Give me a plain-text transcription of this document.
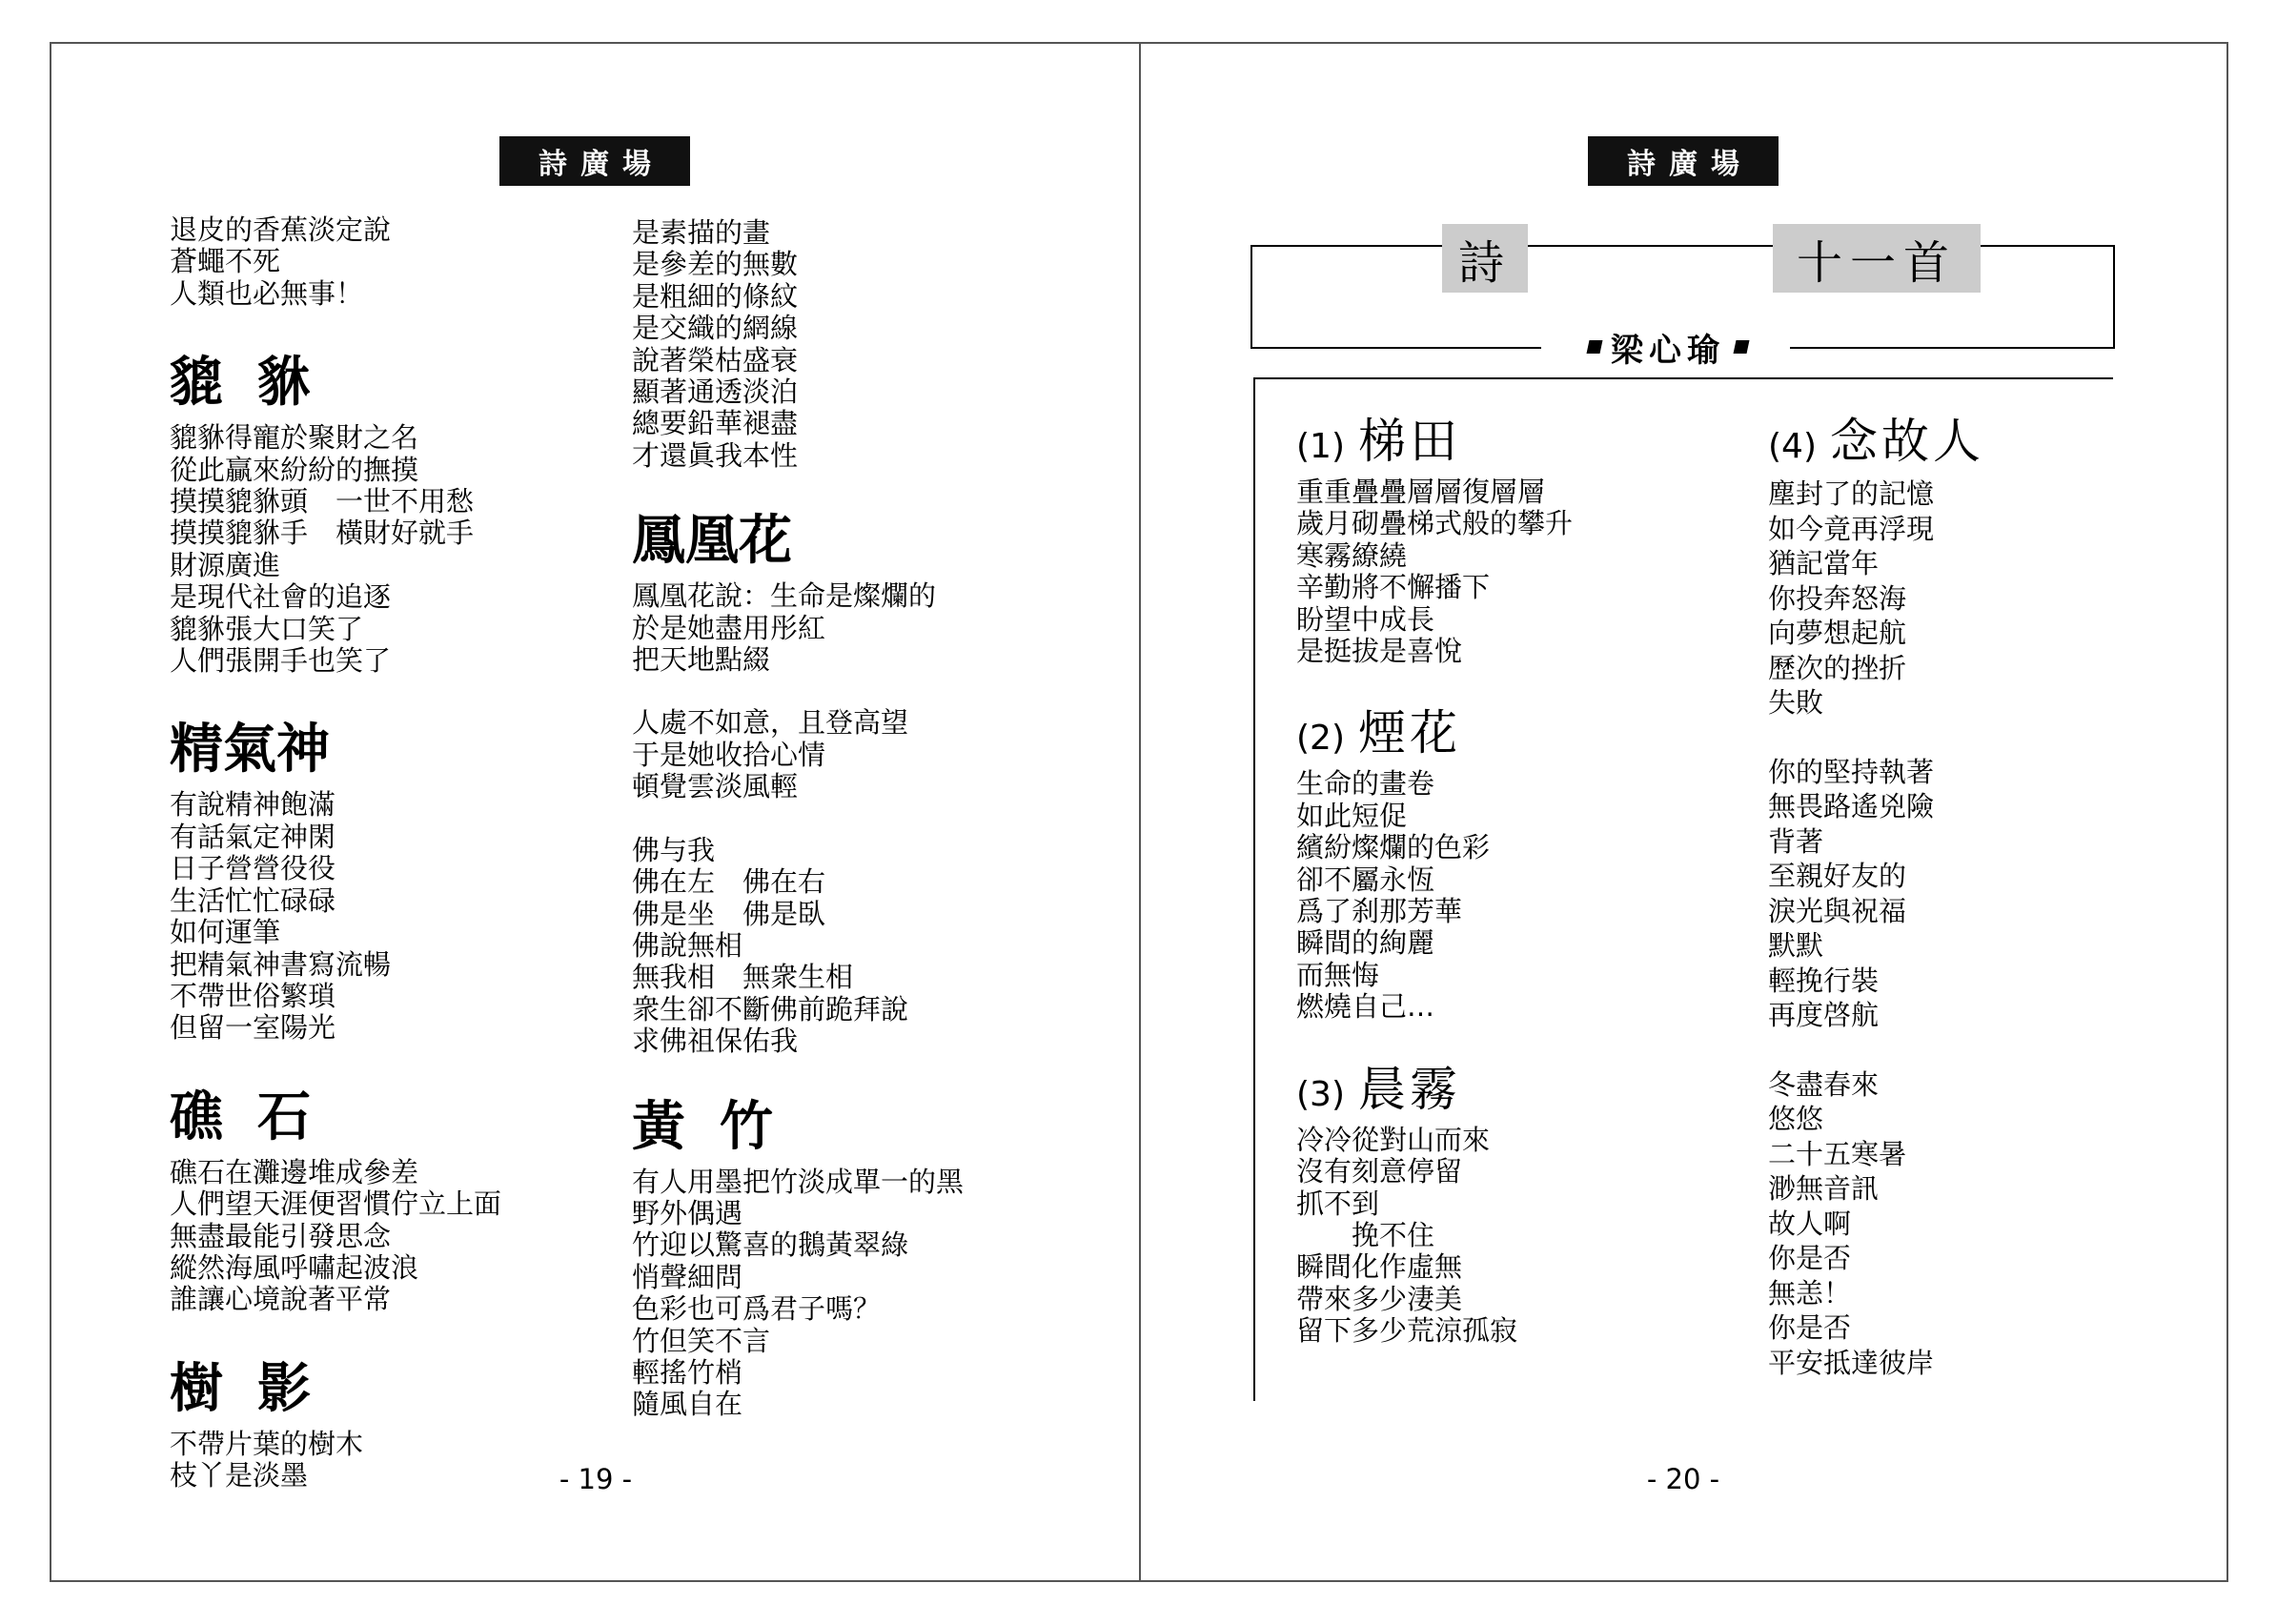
詩廣場

退皮的香蕉淡定說

蒼蠅不死

人類也必無事！

貔貅

貔貅得寵於聚財之名

從此贏來紛紛的撫摸

摸摸貔貅頭　一世不用愁

摸摸貔貅手　橫財好就手

財源廣進

是現代社會的追逐

貔貅張大口笑了

人們張開手也笑了

精氣神

有說精神飽滿

有話氣定神閑

日子營營役役

生活忙忙碌碌

如何運筆

把精氣神書寫流暢

不帶世俗繁瑣

但留一室陽光

礁石

礁石在灘邊堆成參差

人們望天涯便習慣佇立上面

無盡最能引發思念

縱然海風呼嘯起波浪

誰讓心境說著平常

樹影

不帶片葉的樹木

枝丫是淡墨

是素描的畫

是參差的無數

是粗細的條紋

是交織的網線

說著榮枯盛衰

顯著通透淡泊

總要鉛華褪盡

才還眞我本性

鳳凰花

鳳凰花說：生命是燦爛的

於是她盡用彤紅

把天地點綴

人處不如意，且登高望

于是她收拾心情

頓覺雲淡風輕

佛与我

佛在左　佛在右

佛是坐　佛是臥

佛說無相

無我相　無衆生相

衆生卻不斷佛前跪拜說

求佛祖保佑我

黃竹

有人用墨把竹淡成單一的黑

野外偶遇

竹迎以驚喜的鵝黃翠綠

悄聲細問

色彩也可爲君子嗎？

竹但笑不言

輕搖竹梢

隨風自在

- 19 -
詩廣場
詩	十一首
梁心瑜
(1) 梯田

重重疊疊層層復層層

歲月砌疊梯式般的攀升

寒霧繚繞

辛勤將不懈播下

盼望中成長

是挺拔是喜悅

(2) 煙花

生命的畫卷

如此短促

繽紛燦爛的色彩

卻不屬永恆

爲了刹那芳華

瞬間的絢麗

而無悔

燃燒自己…

(3) 晨霧

冷冷從對山而來

沒有刻意停留

抓不到

　　挽不住

瞬間化作虛無

帶來多少淒美

留下多少荒涼孤寂

(4) 念故人

塵封了的記憶

如今竟再浮現

猶記當年

你投奔怒海

向夢想起航

歷次的挫折

失敗

你的堅持執著

無畏路遙兇險

背著

至親好友的

淚光與祝福

默默

輕挽行裝

再度啓航

冬盡春來

悠悠

二十五寒暑

渺無音訊

故人啊

你是否

無恙！

你是否

平安抵達彼岸

- 20 -
